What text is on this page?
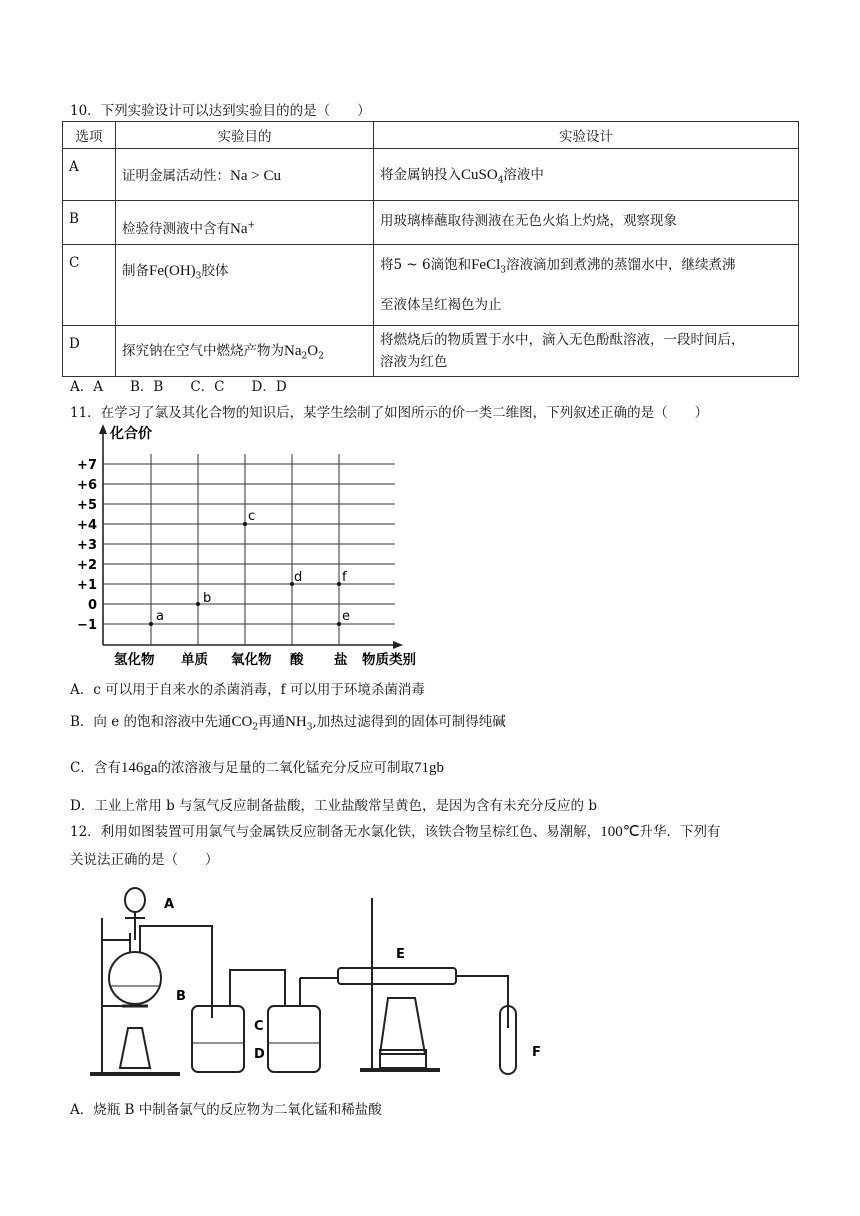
10．下列实验设计可以达到实验目的的是（　　）
选项	实验目的	实验设计
A	证明金属活动性：Na > Cu	将金属钠投入CuSO$_4$溶液中
B	检验待测液中含有Na+	用玻璃棒蘸取待测液在无色火焰上灼烧，观察现象
C	制备$Fe(OH)_3$胶体	将5 ~ 6滴饱和FeCl$_3$溶液滴加到煮沸的蒸馏水中，继续煮沸
至液体呈红褐色为止
D	探究钠在空气中燃烧产物为$Na_2O_2$	将燃烧后的物质置于水中，滴入无色酚酞溶液，一段时间后，
溶液为红色
A．A　　B．B　　C．C　　D．D
11．在学习了氯及其化合物的知识后，某学生绘制了如图所示的价一类二维图，下列叙述正确的是（　　）
化合价
+7
+6
+5
+4
+3
+2
+1
0
−1
氢化物 单质 氧化物 酸 盐 物质类别
a
b
c
d	f
e
A．c 可以用于自来水的杀菌消毒，f 可以用于环境杀菌消毒
B．向 e 的饱和溶液中先通$CO_2$再通$NH_3$,加热过滤得到的固体可制得纯碱
C．含有146ga的浓溶液与足量的二氧化锰充分反应可制取71gb
D．工业上常用 b 与氢气反应制备盐酸，工业盐酸常呈黄色，是因为含有未充分反应的 b
12．利用如图装置可用氯气与金属铁反应制备无水氯化铁，该铁合物呈棕红色、易潮解，100℃升华．下列有
关说法正确的是（　　）
A
B
C
D
E
F
A．烧瓶 B 中制备氯气的反应物为二氧化锰和稀盐酸
